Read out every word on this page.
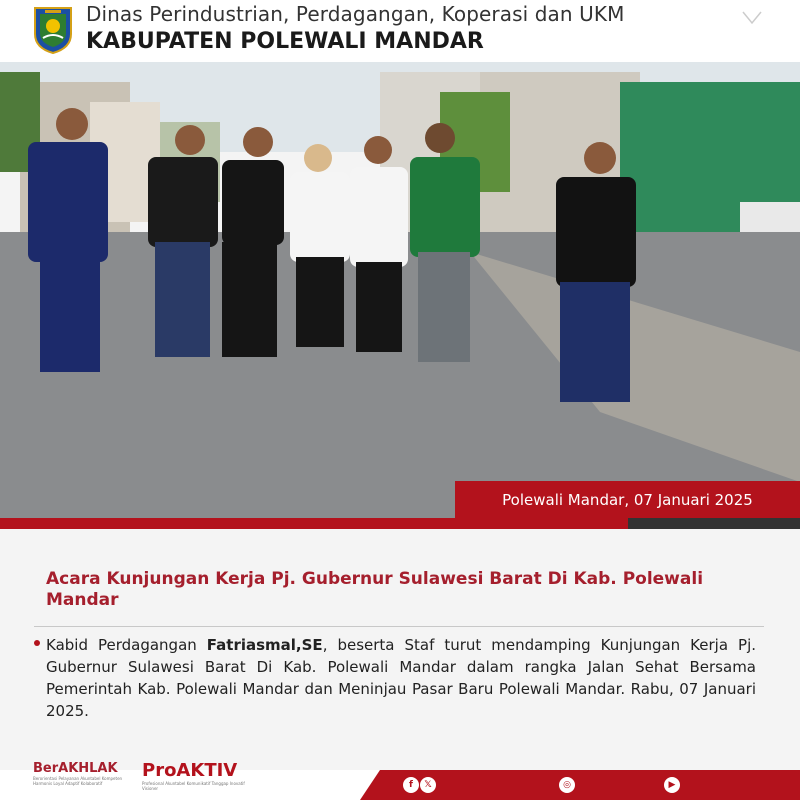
Dinas Perindustrian, Perdagangan, Koperasi dan UKM
KABUPATEN POLEWALI MANDAR
Polewali Mandar, 07 Januari 2025
Acara Kunjungan Kerja Pj. Gubernur Sulawesi Barat Di Kab. Polewali Mandar
Kabid Perdagangan Fatriasmal,SE, beserta Staf turut mendamping Kunjungan Kerja Pj. Gubernur Sulawesi Barat Di Kab. Polewali Mandar dalam rangka Jalan Sehat Bersama Pemerintah Kab. Polewali Mandar dan Meninjau Pasar Baru Polewali Mandar. Rabu, 07 Januari 2025.
BerAKHLAK
Berorientasi Pelayanan Akuntabel Kompeten Harmonis Loyal Adaptif Kolaboratif
ProAKTIV
Profesional Akuntabel Komunikatif Tanggap Inovatif Visioner	f	𝕏	◎	▶
